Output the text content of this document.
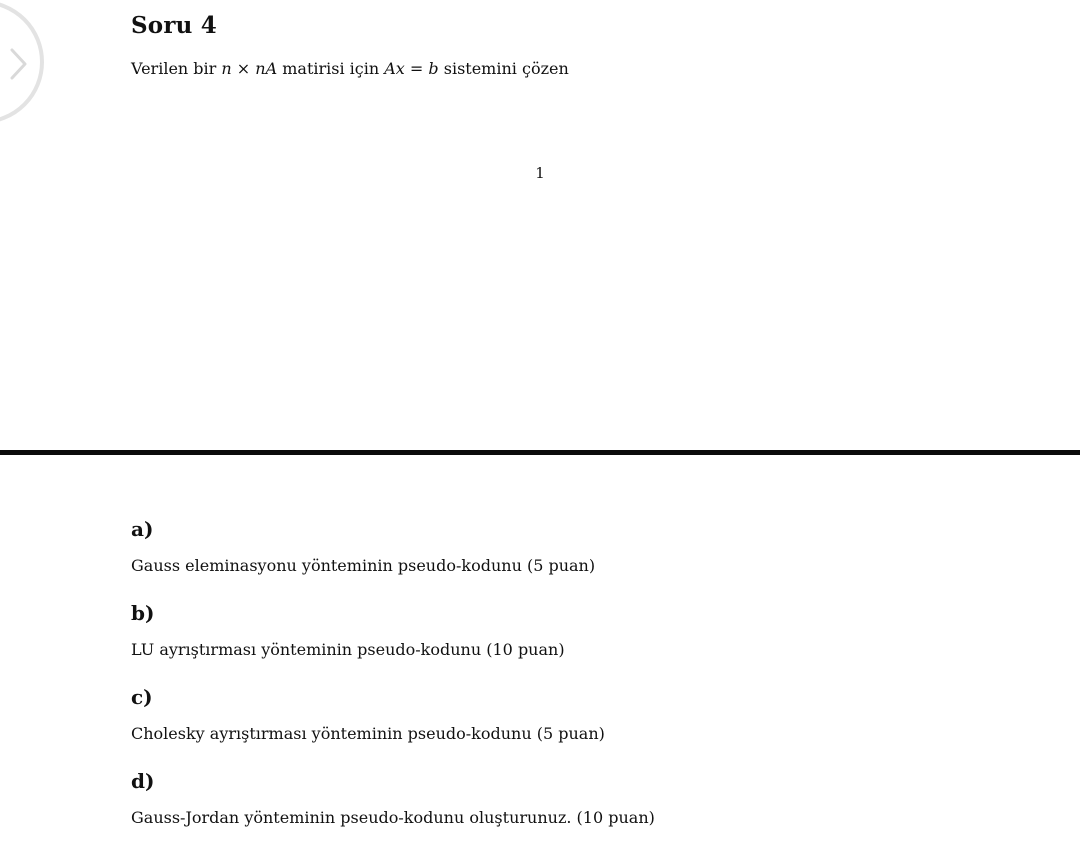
Soru 4

Verilen bir n × nA matirisi için Ax = b sistemini çözen

1
a)

Gauss eleminasyonu yönteminin pseudo-kodunu (5 puan)

b)

LU ayrıştırması yönteminin pseudo-kodunu (10 puan)

c)

Cholesky ayrıştırması yönteminin pseudo-kodunu (5 puan)

d)

Gauss-Jordan yönteminin pseudo-kodunu oluşturunuz. (10 puan)
